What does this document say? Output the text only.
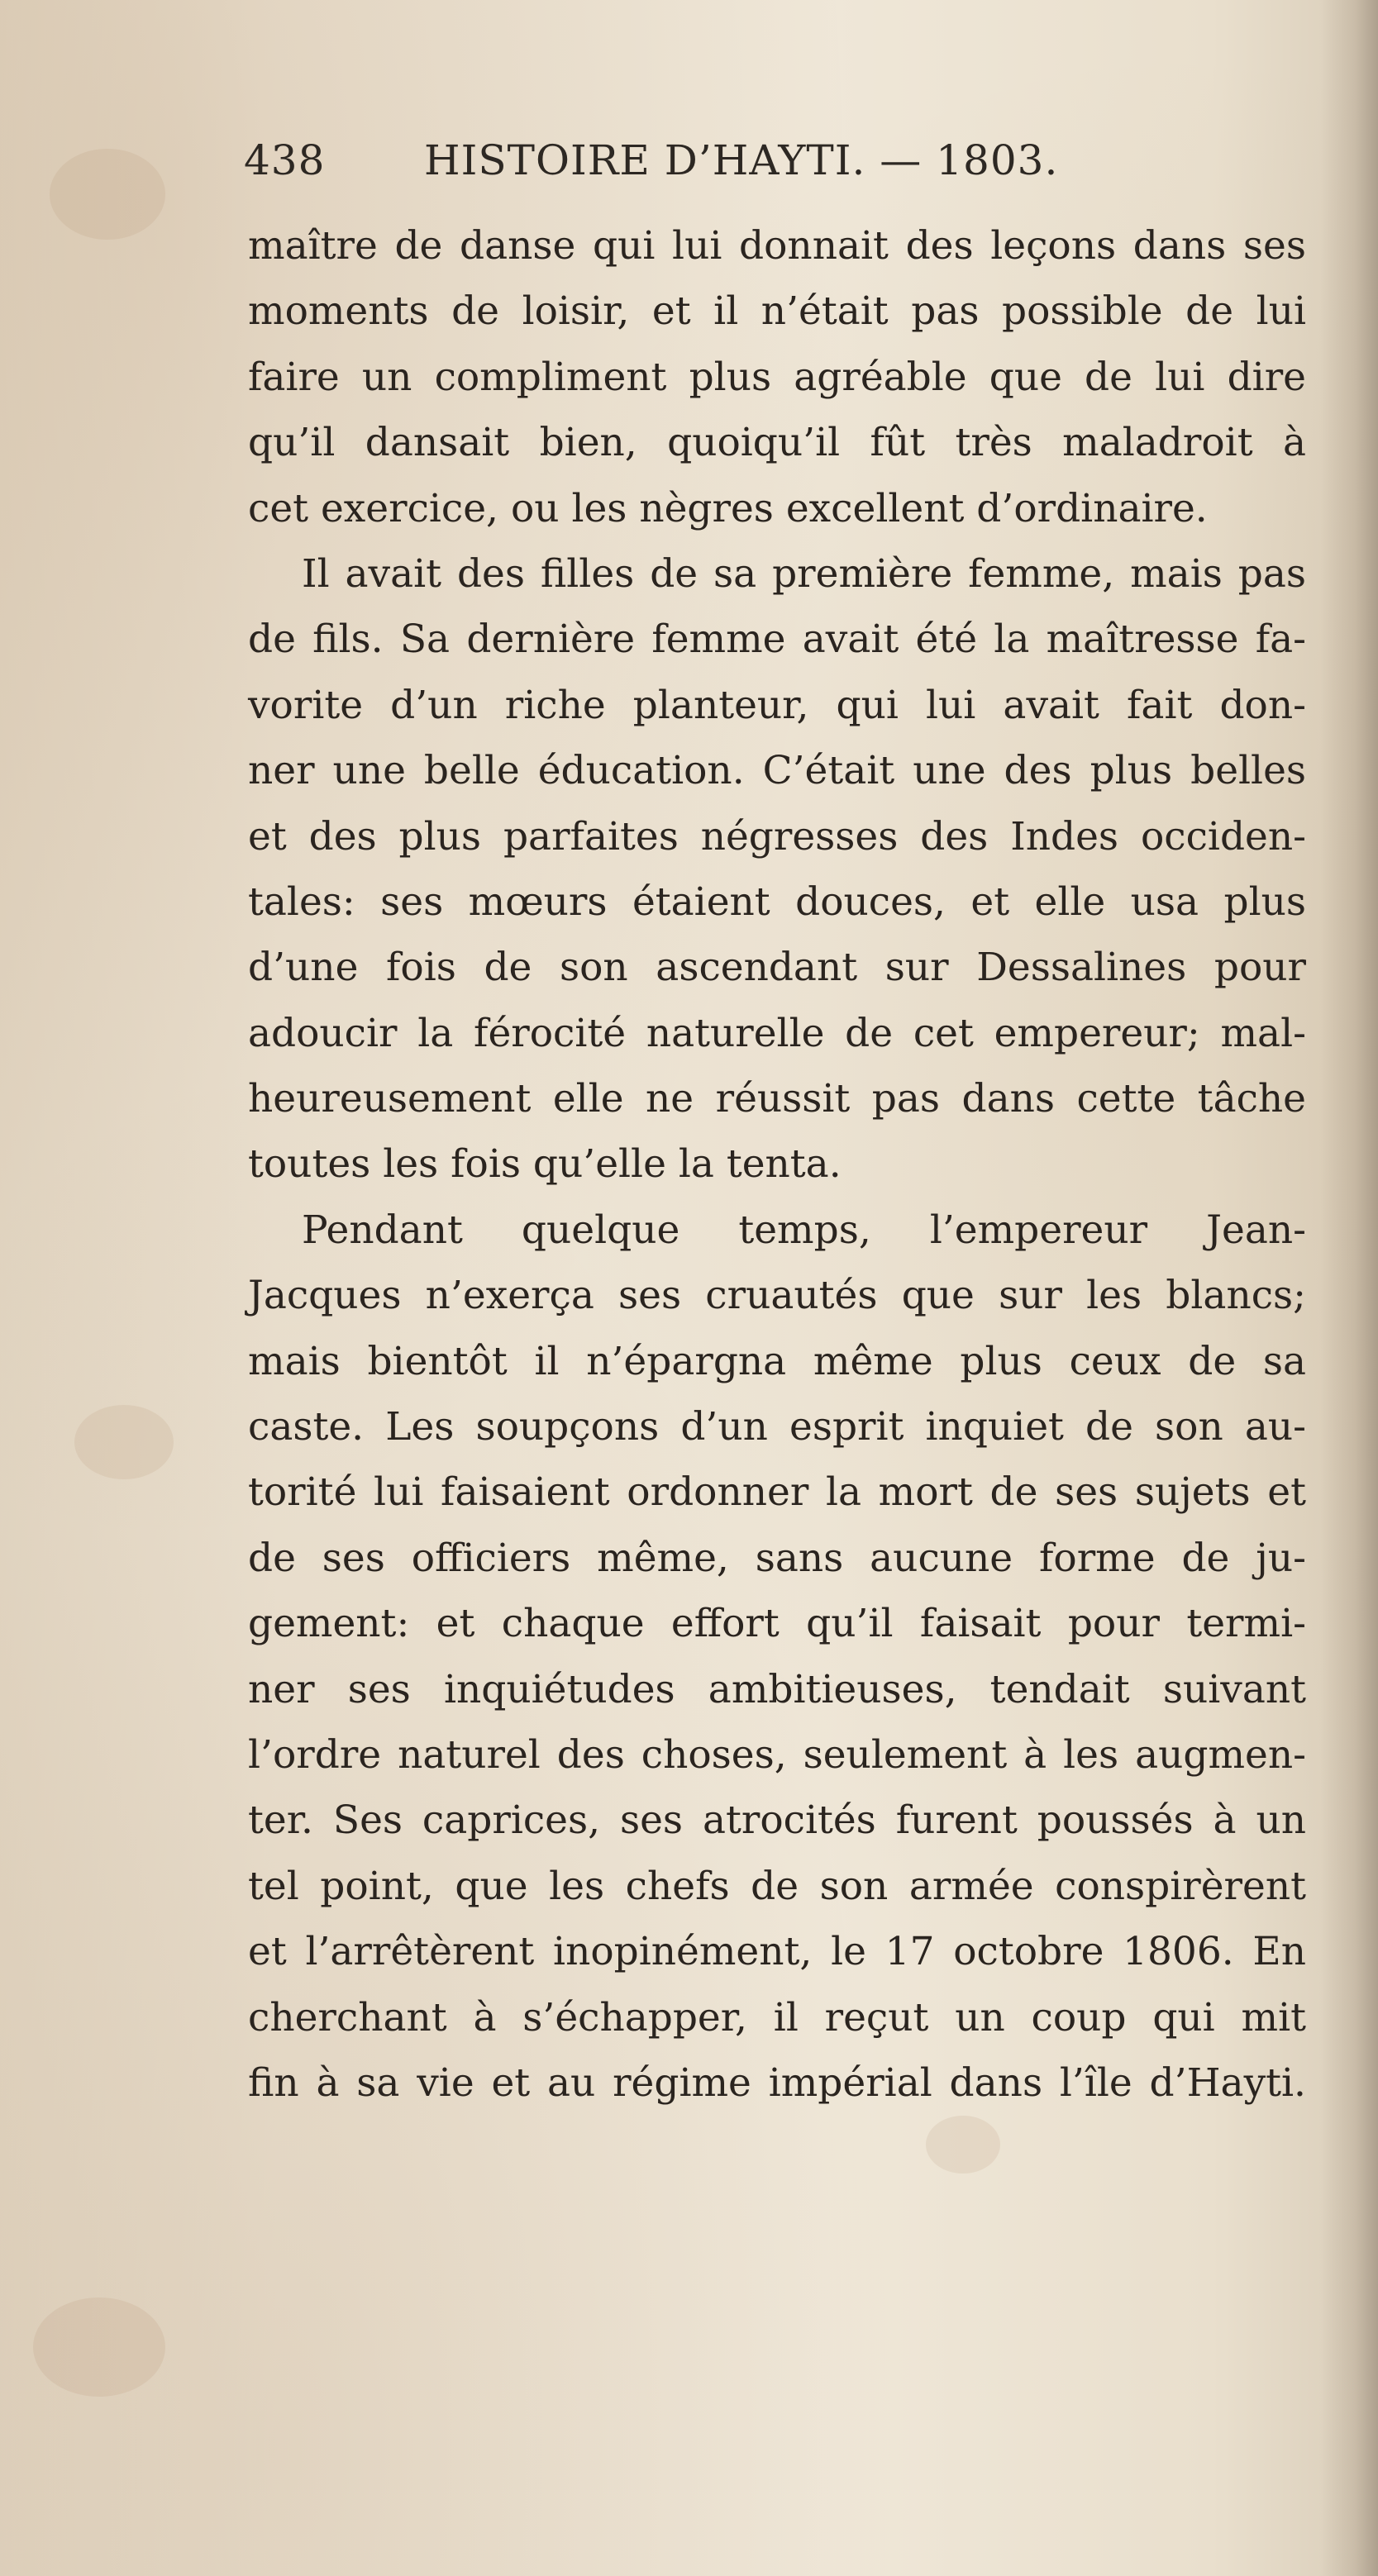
438 HISTOIRE D’HAYTI. — 1803.
maître de danse qui lui donnait des leçons dans ses
moments de loisir, et il n’était pas possible de lui
faire un compliment plus agréable que de lui dire
qu’il dansait bien, quoiqu’il fût très maladroit à
cet exercice, ou les nègres excellent d’ordinaire.
Il avait des filles de sa première femme, mais pas
de fils. Sa dernière femme avait été la maîtresse fa-
vorite d’un riche planteur, qui lui avait fait don-
ner une belle éducation. C’était une des plus belles
et des plus parfaites négresses des Indes occiden-
tales: ses mœurs étaient douces, et elle usa plus
d’une fois de son ascendant sur Dessalines pour
adoucir la férocité naturelle de cet empereur; mal-
heureusement elle ne réussit pas dans cette tâche
toutes les fois qu’elle la tenta.
Pendant quelque temps, l’empereur Jean-
Jacques n’exerça ses cruautés que sur les blancs;
mais bientôt il n’épargna même plus ceux de sa
caste. Les soupçons d’un esprit inquiet de son au-
torité lui faisaient ordonner la mort de ses sujets et
de ses officiers même, sans aucune forme de ju-
gement: et chaque effort qu’il faisait pour termi-
ner ses inquiétudes ambitieuses, tendait suivant
l’ordre naturel des choses, seulement à les augmen-
ter. Ses caprices, ses atrocités furent poussés à un
tel point, que les chefs de son armée conspirèrent
et l’arrêtèrent inopinément, le 17 octobre 1806. En
cherchant à s’échapper, il reçut un coup qui mit
fin à sa vie et au régime impérial dans l’île d’Hayti.
